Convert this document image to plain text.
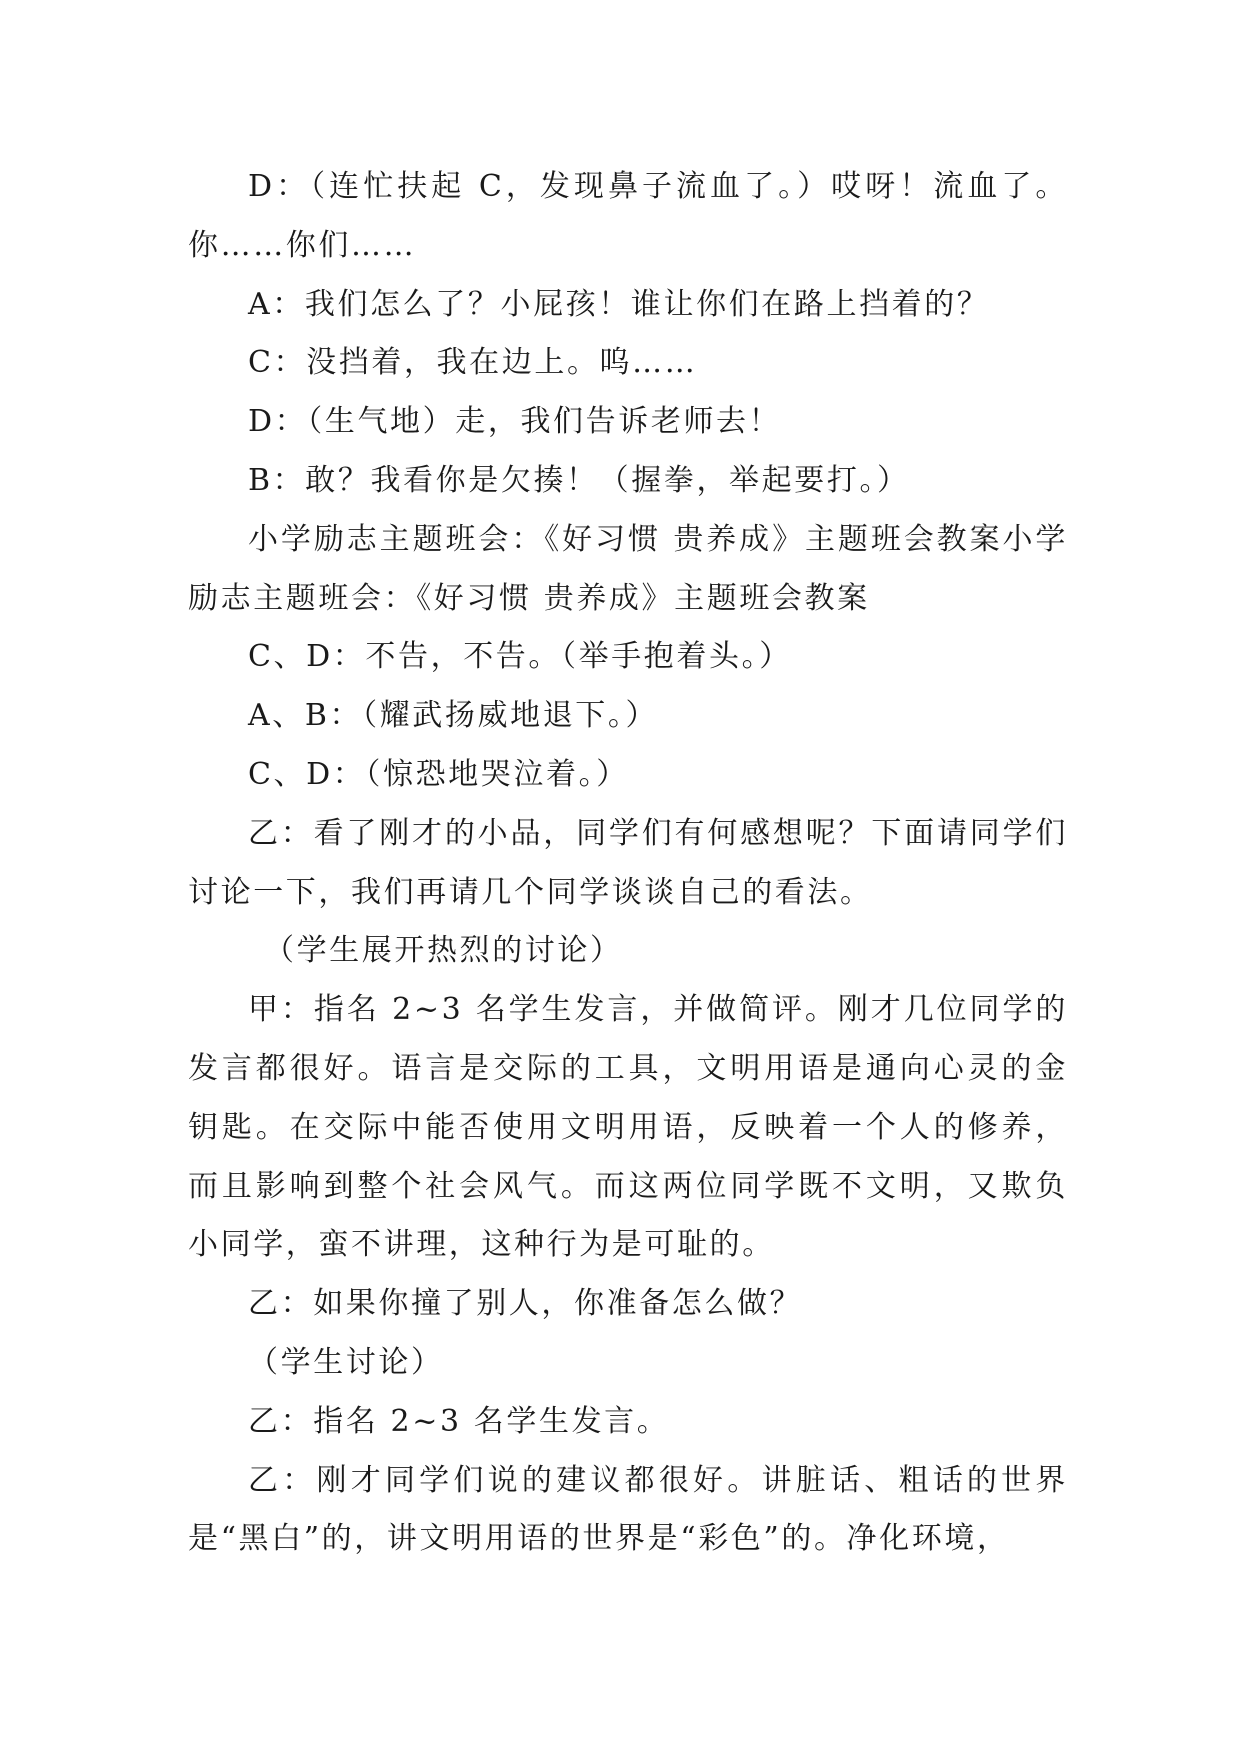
D：（连忙扶起 C，发现鼻子流血了。）哎呀！流血了。你……你们……

A：我们怎么了？小屁孩！谁让你们在路上挡着的？

C：没挡着，我在边上。呜……

D：（生气地）走，我们告诉老师去！

B：敢？我看你是欠揍！（握拳，举起要打。）

小学励志主题班会：《好习惯 贵养成》主题班会教案小学励志主题班会：《好习惯 贵养成》主题班会教案

C、D：不告，不告。（举手抱着头。）

A、B：（耀武扬威地退下。）

C、D：（惊恐地哭泣着。）

乙：看了刚才的小品，同学们有何感想呢？下面请同学们讨论一下，我们再请几个同学谈谈自己的看法。

（学生展开热烈的讨论）

甲：指名 2~3 名学生发言，并做简评。刚才几位同学的发言都很好。语言是交际的工具，文明用语是通向心灵的金钥匙。在交际中能否使用文明用语，反映着一个人的修养，而且影响到整个社会风气。而这两位同学既不文明，又欺负小同学，蛮不讲理，这种行为是可耻的。

乙：如果你撞了别人，你准备怎么做？

（学生讨论）

乙：指名 2~3 名学生发言。

乙：刚才同学们说的建议都很好。讲脏话、粗话的世界是“黑白”的，讲文明用语的世界是“彩色”的。净化环境，
